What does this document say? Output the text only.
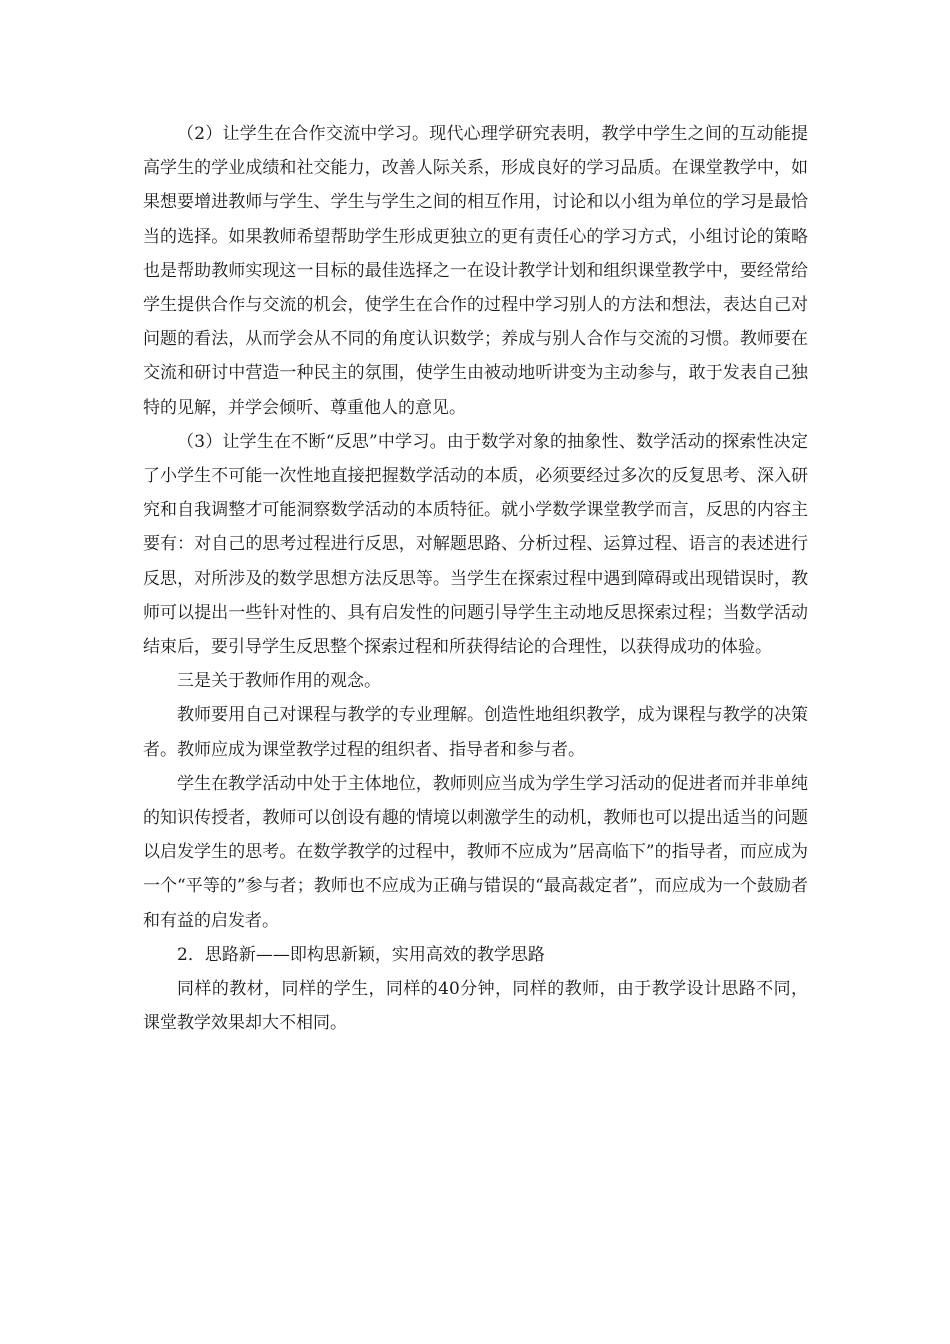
（2）让学生在合作交流中学习。现代心理学研究表明，教学中学生之间的互动能提高学生的学业成绩和社交能力，改善人际关系，形成良好的学习品质。在课堂教学中，如果想要增进教师与学生、学生与学生之间的相互作用，讨论和以小组为单位的学习是最恰当的选择。如果教师希望帮助学生形成更独立的更有责任心的学习方式，小组讨论的策略也是帮助教师实现这一目标的最佳选择之一在设计教学计划和组织课堂教学中，要经常给学生提供合作与交流的机会，使学生在合作的过程中学习别人的方法和想法，表达自己对问题的看法，从而学会从不同的角度认识数学；养成与别人合作与交流的习惯。教师要在交流和研讨中营造一种民主的氛围，使学生由被动地听讲变为主动参与，敢于发表自己独特的见解，并学会倾听、尊重他人的意见。

（3）让学生在不断“反思”中学习。由于数学对象的抽象性、数学活动的探索性决定了小学生不可能一次性地直接把握数学活动的本质，必须要经过多次的反复思考、深入研究和自我调整才可能洞察数学活动的本质特征。就小学数学课堂教学而言，反思的内容主要有：对自己的思考过程进行反思，对解题思路、分析过程、运算过程、语言的表述进行反思，对所涉及的数学思想方法反思等。当学生在探索过程中遇到障碍或出现错误时，教师可以提出一些针对性的、具有启发性的问题引导学生主动地反思探索过程；当数学活动结束后，要引导学生反思整个探索过程和所获得结论的合理性，以获得成功的体验。

三是关于教师作用的观念。

教师要用自己对课程与教学的专业理解。创造性地组织教学，成为课程与教学的决策者。教师应成为课堂教学过程的组织者、指导者和参与者。

学生在教学活动中处于主体地位，教师则应当成为学生学习活动的促进者而并非单纯的知识传授者，教师可以创设有趣的情境以刺激学生的动机，教师也可以提出适当的问题以启发学生的思考。在数学教学的过程中，教师不应成为”居高临下”的指导者，而应成为一个“平等的”参与者；教师也不应成为正确与错误的“最高裁定者”，而应成为一个鼓励者和有益的启发者。

2．思路新——即构思新颖，实用高效的教学思路

同样的教材，同样的学生，同样的40分钟，同样的教师，由于教学设计思路不同，课堂教学效果却大不相同。
